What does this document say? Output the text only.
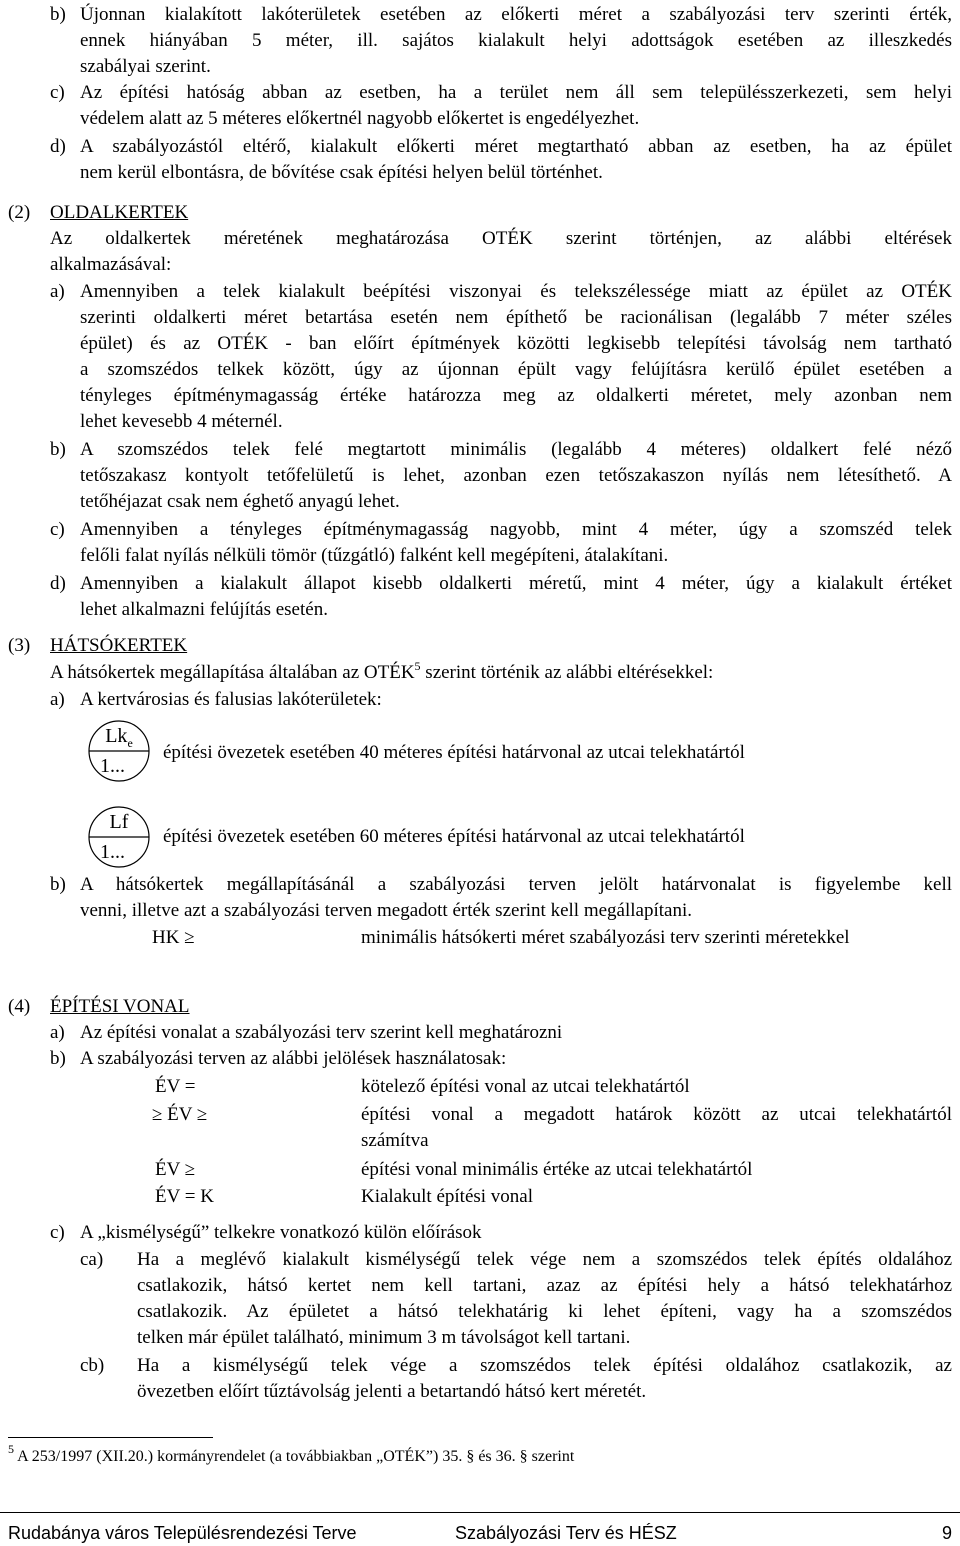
b) Újonnan kialakított lakóterületek esetében az előkerti méret a szabályozási terv szerinti érték,
ennek hiányában 5 méter, ill. sajátos kialakult helyi adottságok esetében az illeszkedés
szabályai szerint.
c) Az építési hatóság abban az esetben, ha a terület nem áll sem településszerkezeti, sem helyi
védelem alatt az 5 méteres előkertnél nagyobb előkertet is engedélyezhet.
d) A szabályozástól eltérő, kialakult előkerti méret megtartható abban az esetben, ha az épület
nem kerül elbontásra, de bővítése csak építési helyen belül történhet.
(2) OLDALKERTEK
Az oldalkertek méretének meghatározása OTÉK szerint történjen, az alábbi eltérések
alkalmazásával:
a) Amennyiben a telek kialakult beépítési viszonyai és telekszélessége miatt az épület az OTÉK
szerinti oldalkerti méret betartása esetén nem építhető be racionálisan (legalább 7 méter széles
épület) és az OTÉK - ban előírt építmények közötti legkisebb telepítési távolság nem tartható
a szomszédos telkek között, úgy az újonnan épült vagy felújításra kerülő épület esetében a
tényleges építménymagasság értéke határozza meg az oldalkerti méretet, mely azonban nem
lehet kevesebb 4 méternél.
b) A szomszédos telek felé megtartott minimális (legalább 4 méteres) oldalkert felé néző
tetőszakasz kontyolt tetőfelületű is lehet, azonban ezen tetőszakaszon nyílás nem létesíthető. A
tetőhéjazat csak nem éghető anyagú lehet.
c) Amennyiben a tényleges építménymagasság nagyobb, mint 4 méter, úgy a szomszéd telek
felőli falat nyílás nélküli tömör (tűzgátló) falként kell megépíteni, átalakítani.
d) Amennyiben a kialakult állapot kisebb oldalkerti méretű, mint 4 méter, úgy a kialakult értéket
lehet alkalmazni felújítás esetén.
(3) HÁTSÓKERTEK
A hátsókertek megállapítása általában az OTÉK$^5$ szerint történik az alábbi eltérésekkel:
a) A kertvárosias és falusias lakóterületek:
$Lk_e$
1...
építési övezetek esetében 40 méteres építési határvonal az utcai telekhatártól
Lf
1...
építési övezetek esetében 60 méteres építési határvonal az utcai telekhatártól
b) A hátsókertek megállapításánál a szabályozási terven jelölt határvonalat is figyelembe kell
venni, illetve azt a szabályozási terven megadott érték szerint kell megállapítani.
HK ≥	minimális hátsókerti méret szabályozási terv szerinti méretekkel
(4) ÉPÍTÉSI VONAL
a) Az építési vonalat a szabályozási terv szerint kell meghatározni
b) A szabályozási terven az alábbi jelölések használatosak:
ÉV =	kötelező építési vonal az utcai telekhatártól
≥ ÉV ≥	építési vonal a megadott határok között az utcai telekhatártól
számítva
ÉV ≥	építési vonal minimális értéke az utcai telekhatártól
ÉV = K	Kialakult építési vonal
c) A „kismélységű” telkekre vonatkozó külön előírások
ca) Ha a meglévő kialakult kismélységű telek vége nem a szomszédos telek építés oldalához
csatlakozik, hátsó kertet nem kell tartani, azaz az építési hely a hátsó telekhatárhoz
csatlakozik. Az épületet a hátsó telekhatárig ki lehet építeni, vagy ha a szomszédos
telken már épület található, minimum 3 m távolságot kell tartani.
cb) Ha a kismélységű telek vége a szomszédos telek építési oldalához csatlakozik, az
övezetben előírt tűztávolság jelenti a betartandó hátsó kert méretét.
$^5$ A 253/1997 (XII.20.) kormányrendelet (a továbbiakban „OTÉK”) 35. § és 36. § szerint
Rudabánya város Településrendezési Terve	Szabályozási Terv és HÉSZ	9
